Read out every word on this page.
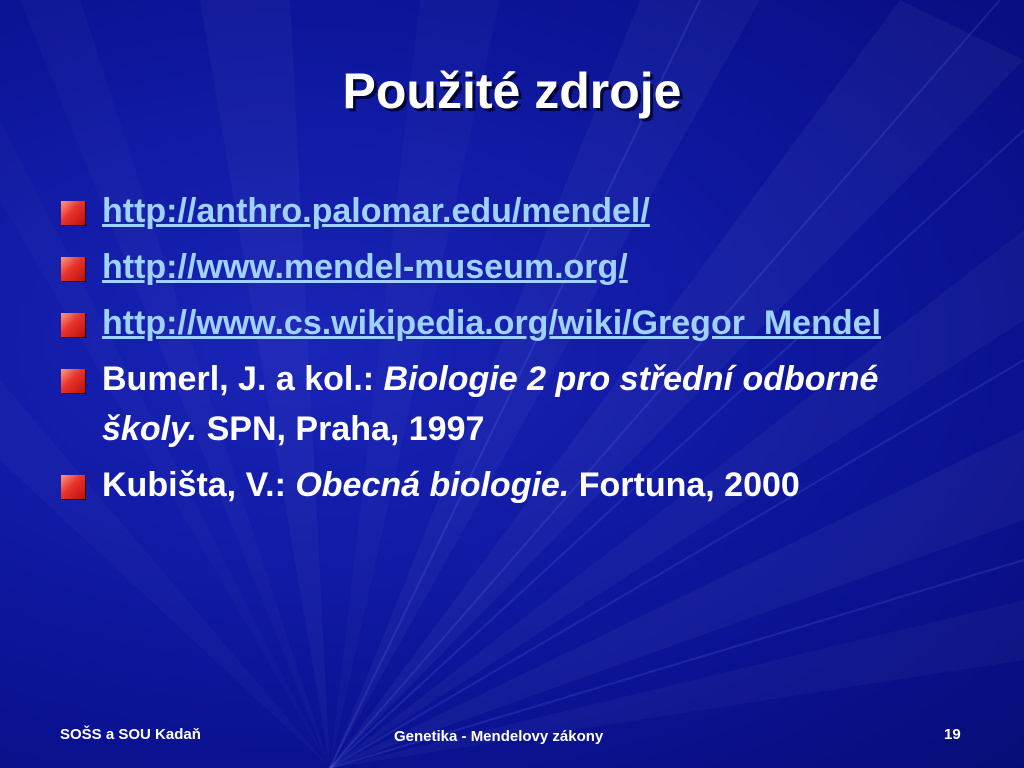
Použité zdroje
http://anthro.palomar.edu/mendel/
http://www.mendel-museum.org/
http://www.cs.wikipedia.org/wiki/Gregor_Mendel
Bumerl, J. a kol.: Biologie 2 pro střední odborné školy. SPN, Praha, 1997
Kubišta, V.: Obecná biologie. Fortuna, 2000
SOŠS a SOU Kadaň	Genetika - Mendelovy zákony	19
